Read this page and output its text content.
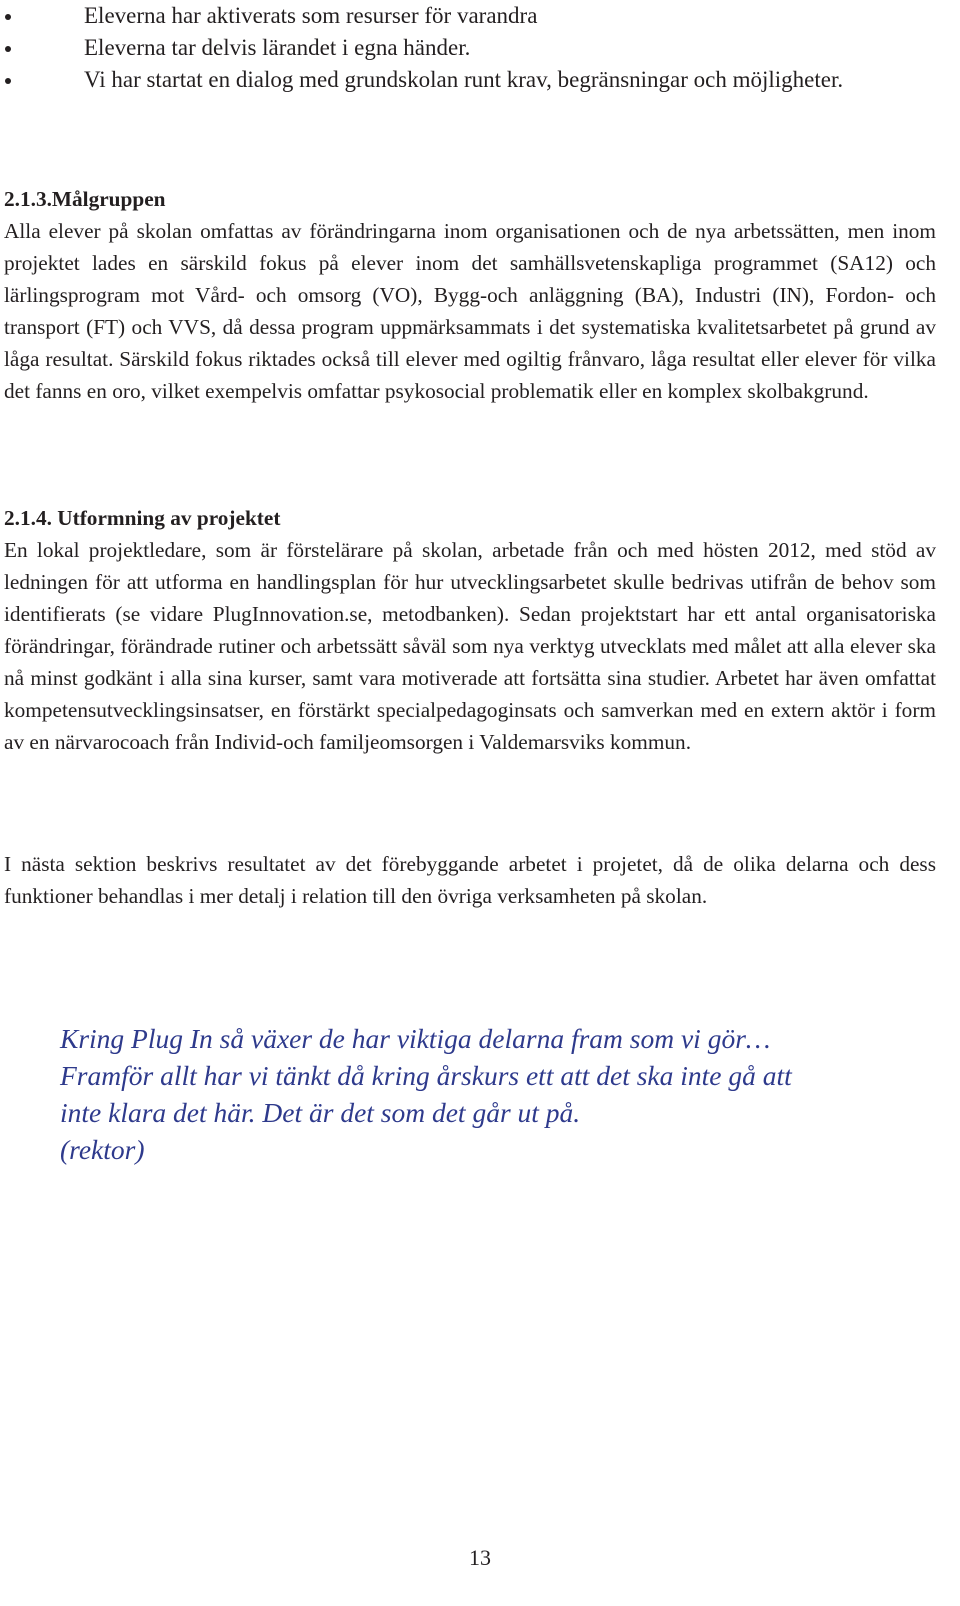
Eleverna har aktiverats som resurser för varandra
Eleverna tar delvis lärandet i egna händer.
Vi har startat en dialog med grundskolan runt krav, begränsningar och möjligheter.
2.1.3.Målgruppen

Alla elever på skolan omfattas av förändringarna inom organisationen och de nya arbetssätten, men inom projektet lades en särskild fokus på elever inom det samhällsvetenskapliga programmet (SA12) och lärlingsprogram mot Vård- och omsorg (VO), Bygg-och anläggning (BA), Industri (IN), Fordon- och transport (FT) och VVS, då dessa program uppmärksammats i det systematiska kvalitetsarbetet på grund av låga resultat. Särskild fokus riktades också till elever med ogiltig frånvaro, låga resultat eller elever för vilka det fanns en oro, vilket exempelvis omfattar psykosocial problematik eller en komplex skolbakgrund.

2.1.4. Utformning av projektet

En lokal projektledare, som är förstelärare på skolan, arbetade från och med hösten 2012, med stöd av ledningen för att utforma en handlingsplan för hur utvecklingsarbetet skulle bedrivas utifrån de behov som identifierats (se vidare PlugInnovation.se, metodbanken). Sedan projektstart har ett antal organisatoriska förändringar, förändrade rutiner och arbetssätt såväl som nya verktyg utvecklats med målet att alla elever ska nå minst godkänt i alla sina kurser, samt vara motiverade att fortsätta sina studier. Arbetet har även omfattat kompetensutvecklingsinsatser, en förstärkt specialpedagoginsats och samverkan med en extern aktör i form av en närvarocoach från Individ-och familjeomsorgen i Valdemarsviks kommun.

I nästa sektion beskrivs resultatet av det förebyggande arbetet i projetet, då de olika delarna och dess funktioner behandlas i mer detalj i relation till den övriga verksamheten på skolan.

Kring Plug In så växer de har viktiga delarna fram som vi gör…

Framför allt har vi tänkt då kring årskurs ett att det ska inte gå att

inte klara det här. Det är det som det går ut på.

(rektor)

13
